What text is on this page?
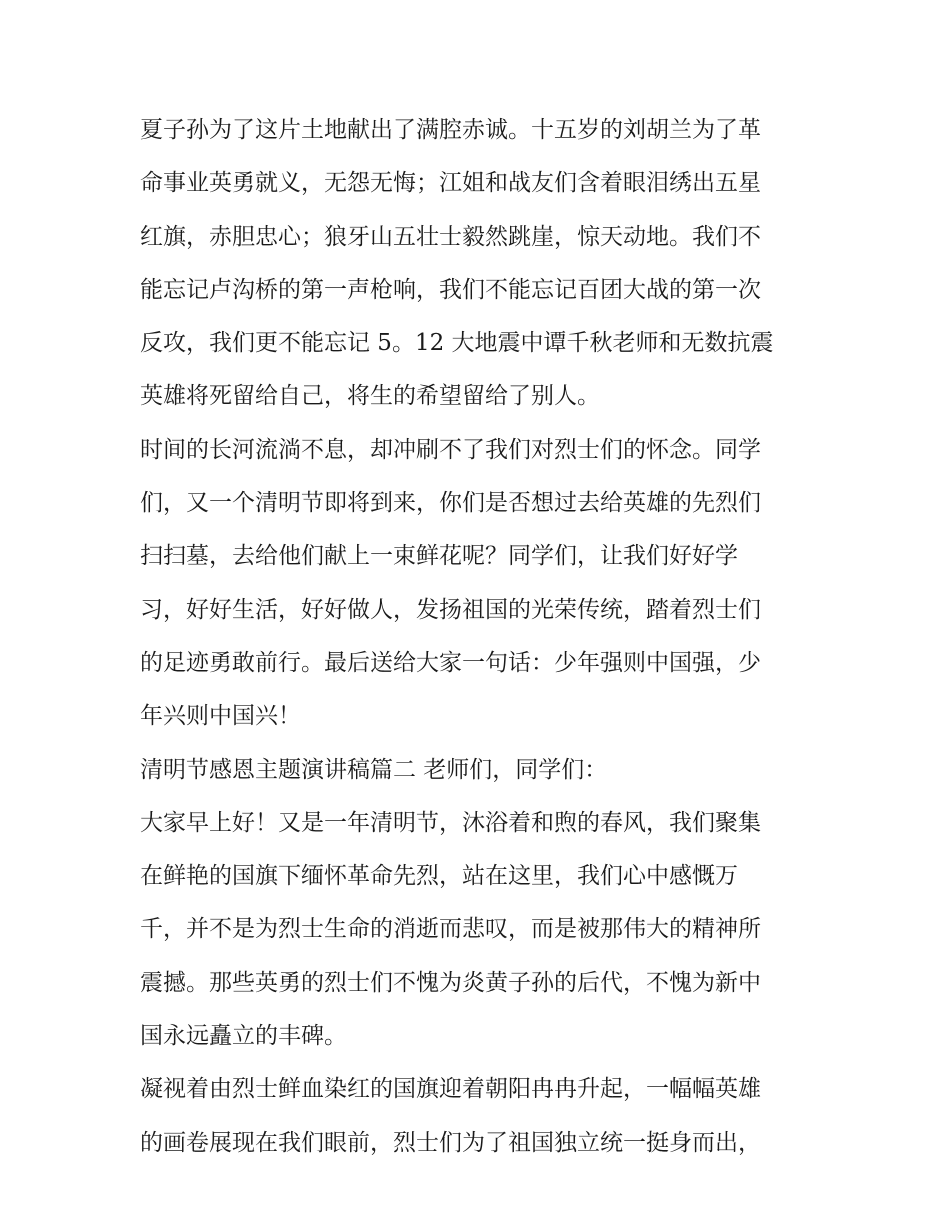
夏子孙为了这片土地献出了满腔赤诚。十五岁的刘胡兰为了革
命事业英勇就义，无怨无悔；江姐和战友们含着眼泪绣出五星
红旗，赤胆忠心；狼牙山五壮士毅然跳崖，惊天动地。我们不
能忘记卢沟桥的第一声枪响，我们不能忘记百团大战的第一次
反攻，我们更不能忘记 5。12 大地震中谭千秋老师和无数抗震
英雄将死留给自己，将生的希望留给了别人。
时间的长河流淌不息，却冲刷不了我们对烈士们的怀念。同学
们，又一个清明节即将到来，你们是否想过去给英雄的先烈们
扫扫墓，去给他们献上一束鲜花呢？同学们，让我们好好学
习，好好生活，好好做人，发扬祖国的光荣传统，踏着烈士们
的足迹勇敢前行。最后送给大家一句话：少年强则中国强，少
年兴则中国兴！
清明节感恩主题演讲稿篇二 老师们，同学们：
大家早上好！又是一年清明节，沐浴着和煦的春风，我们聚集
在鲜艳的国旗下缅怀革命先烈，站在这里，我们心中感慨万
千，并不是为烈士生命的消逝而悲叹，而是被那伟大的精神所
震撼。那些英勇的烈士们不愧为炎黄子孙的后代，不愧为新中
国永远矗立的丰碑。
凝视着由烈士鲜血染红的国旗迎着朝阳冉冉升起，一幅幅英雄
的画卷展现在我们眼前，烈士们为了祖国独立统一挺身而出，
